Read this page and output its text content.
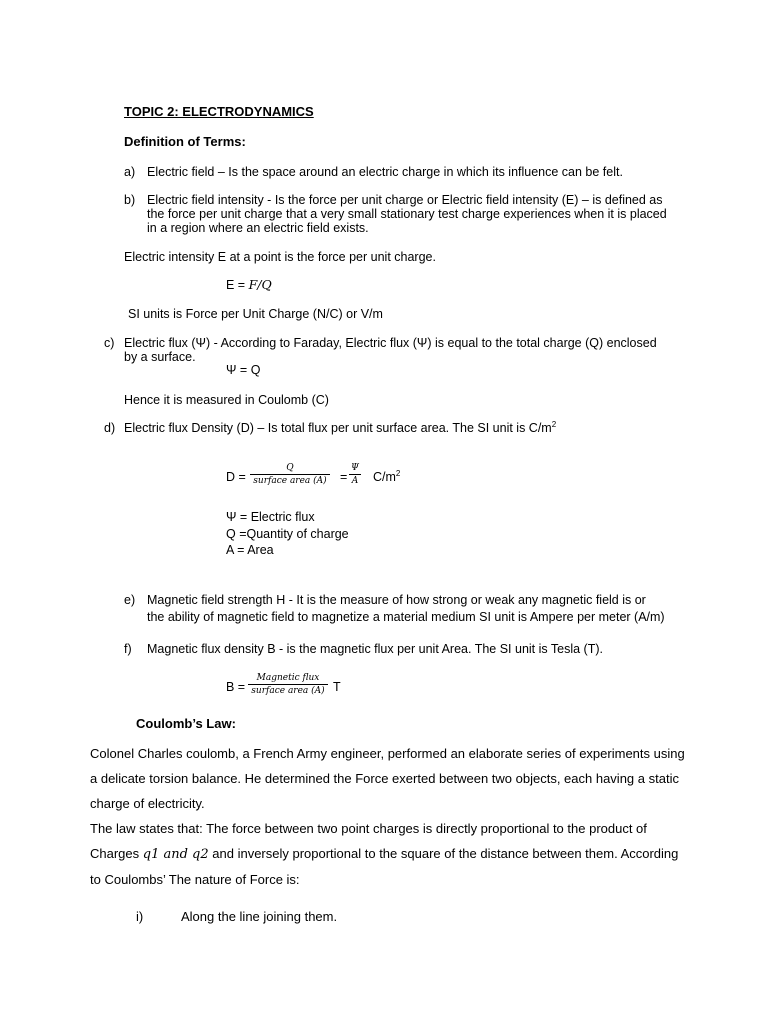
TOPIC 2: ELECTRODYNAMICS
Definition of Terms:
a) Electric field – Is the space around an electric charge in which its influence can be felt.
b) Electric field intensity - Is the force per unit charge or Electric field intensity (E) – is defined as
the force per unit charge that a very small stationary test charge experiences when it is placed
in a region where an electric field exists.
Electric intensity E at a point is the force per unit charge.
E = F/Q
SI units is Force per Unit Charge (N/C) or V/m
c) Electric flux (Ψ) - According to Faraday, Electric flux (Ψ) is equal to the total charge (Q) enclosed
by a surface.
Ψ = Q
Hence it is measured in Coulomb (C)
d) Electric flux Density (D) – Is total flux per unit surface area. The SI unit is $C/m^2$
D =
Q
surface area $(A) = \frac{\Psi}{A} C/m^2$
Ψ = Electric flux
Q =Quantity of charge
A = Area
e) Magnetic field strength H - It is the measure of how strong or weak any magnetic field is or
the ability of magnetic field to magnetize a material medium SI unit is Ampere per meter (A/m)
f) Magnetic flux density B - is the magnetic flux per unit Area. The SI unit is Tesla (T).
B =
Magnetic flux
surface area (A) T
Coulomb’s Law:
Colonel Charles coulomb, a French Army engineer, performed an elaborate series of experiments using a delicate torsion balance. He determined the Force exerted between two objects, each having a static charge of electricity.
The law states that: The force between two point charges is directly proportional to the product of Charges q1 and q2 and inversely proportional to the square of the distance between them. According to Coulombs’ The nature of Force is:
i)	Along the line joining them.
